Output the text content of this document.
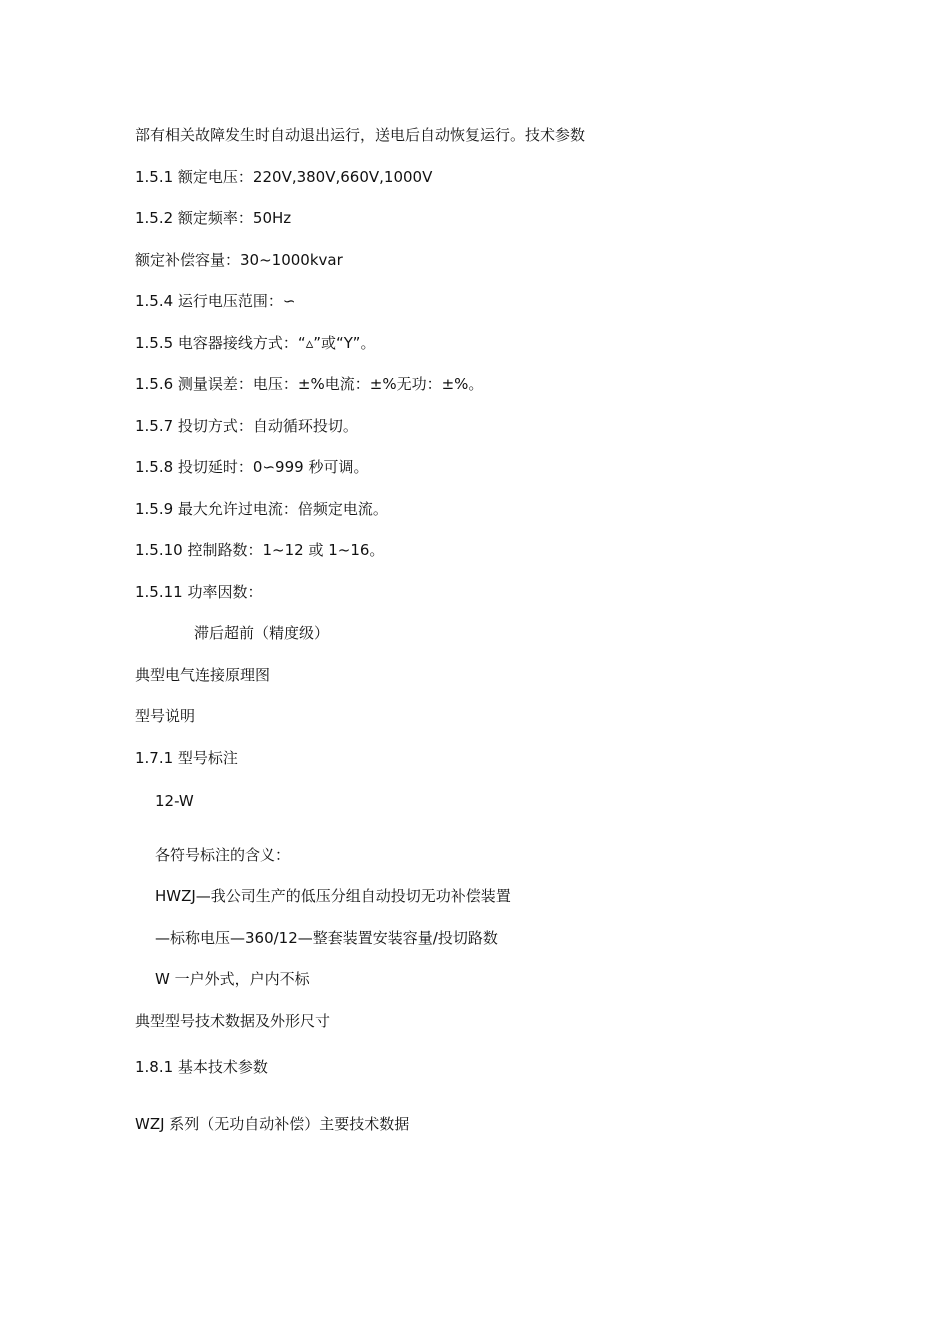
部有相关故障发生时自动退出运行，送电后自动恢复运行。技术参数
1.5.1 额定电压：220V,380V,660V,1000V
1.5.2 额定频率：50Hz
额定补偿容量：30~1000kvar
1.5.4 运行电压范围：∽
1.5.5 电容器接线方式：“▵”或“Y”。
1.5.6 测量误差：电压：±%电流：±%无功：±%。
1.5.7 投切方式：自动循环投切。
1.5.8 投切延时：0∽999 秒可调。
1.5.9 最大允许过电流：倍频定电流。
1.5.10 控制路数：1~12 或 1~16。
1.5.11 功率因数：
滞后超前（精度级）
典型电气连接原理图
型号说明
1.7.1 型号标注
12-W
各符号标注的含义：
HWZJ—我公司生产的低压分组自动投切无功补偿装置
—标称电压—360/12—整套装置安装容量/投切路数
W 一户外式，户内不标
典型型号技术数据及外形尺寸
1.8.1 基本技术参数
WZJ 系列（无功自动补偿）主要技术数据
